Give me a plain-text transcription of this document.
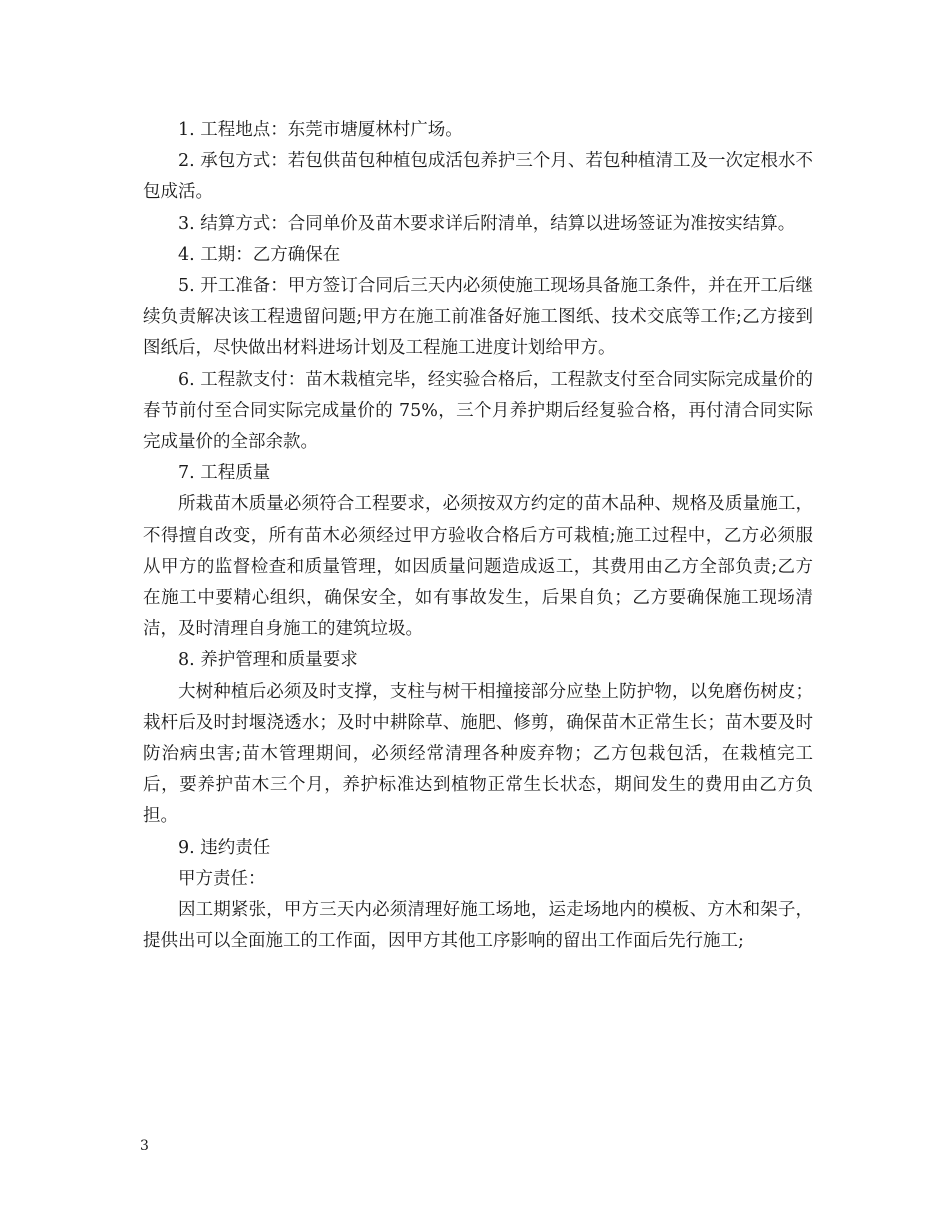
1. 工程地点：东莞市塘厦林村广场。

2. 承包方式：若包供苗包种植包成活包养护三个月、若包种植清工及一次定根水不包成活。

3. 结算方式：合同单价及苗木要求详后附清单，结算以进场签证为准按实结算。

4. 工期：乙方确保在

5. 开工准备：甲方签订合同后三天内必须使施工现场具备施工条件，并在开工后继续负责解决该工程遗留问题;甲方在施工前准备好施工图纸、技术交底等工作;乙方接到图纸后，尽快做出材料进场计划及工程施工进度计划给甲方。

6. 工程款支付：苗木栽植完毕，经实验合格后，工程款支付至合同实际完成量价的春节前付至合同实际完成量价的 75%，三个月养护期后经复验合格，再付清合同实际完成量价的全部余款。

7. 工程质量

所栽苗木质量必须符合工程要求，必须按双方约定的苗木品种、规格及质量施工，不得擅自改变，所有苗木必须经过甲方验收合格后方可栽植;施工过程中，乙方必须服从甲方的监督检查和质量管理，如因质量问题造成返工，其费用由乙方全部负责;乙方在施工中要精心组织，确保安全，如有事故发生，后果自负；乙方要确保施工现场清洁，及时清理自身施工的建筑垃圾。

8. 养护管理和质量要求

大树种植后必须及时支撑，支柱与树干相撞接部分应垫上防护物，以免磨伤树皮；栽杆后及时封堰浇透水；及时中耕除草、施肥、修剪，确保苗木正常生长；苗木要及时防治病虫害;苗木管理期间，必须经常清理各种废弃物；乙方包栽包活，在栽植完工后，要养护苗木三个月，养护标准达到植物正常生长状态，期间发生的费用由乙方负担。

9. 违约责任

甲方责任：

因工期紧张，甲方三天内必须清理好施工场地，运走场地内的模板、方木和架子，提供出可以全面施工的工作面，因甲方其他工序影响的留出工作面后先行施工;

3
